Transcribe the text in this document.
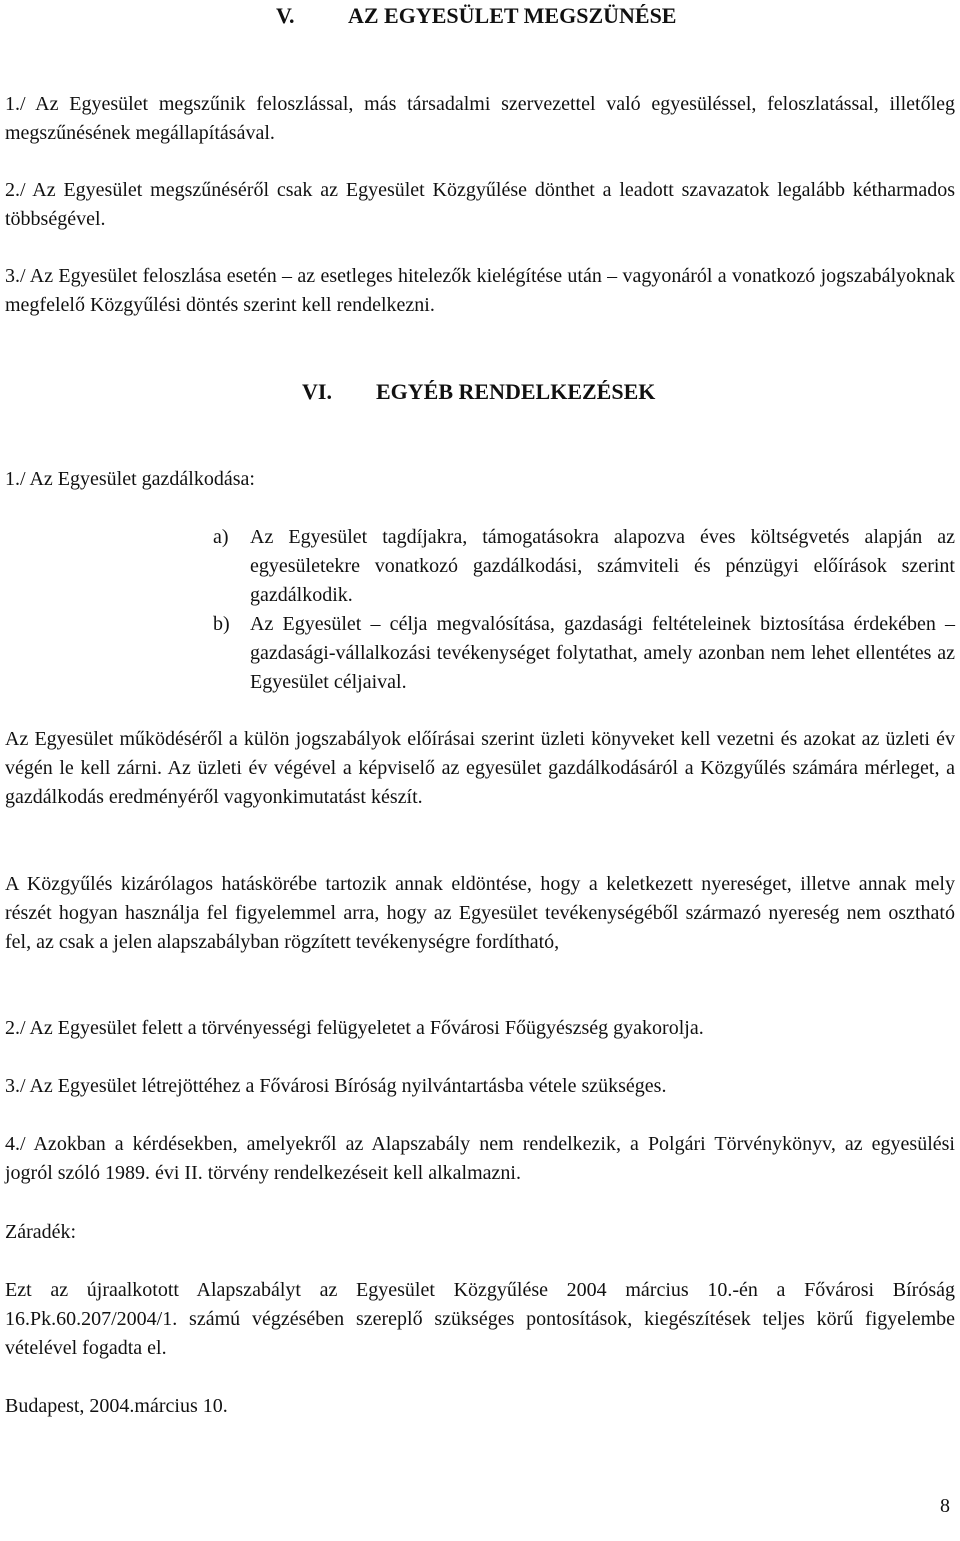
V. AZ EGYESÜLET MEGSZÜNÉSE
1./ Az Egyesület megszűnik feloszlással, más társadalmi szervezettel való egyesüléssel, feloszlatással, illetőleg megszűnésének megállapításával.
2./ Az Egyesület megszűnéséről csak az Egyesület Közgyűlése dönthet a leadott szavazatok legalább kétharmados többségével.
3./ Az Egyesület feloszlása esetén – az esetleges hitelezők kielégítése után – vagyonáról a vonatkozó jogszabályoknak megfelelő Közgyűlési döntés szerint kell rendelkezni.
VI. EGYÉB RENDELKEZÉSEK
1./ Az Egyesület gazdálkodása:
a) Az Egyesület tagdíjakra, támogatásokra alapozva éves költségvetés alapján az egyesületekre vonatkozó gazdálkodási, számviteli és pénzügyi előírások szerint gazdálkodik.
b) Az Egyesület – célja megvalósítása, gazdasági feltételeinek biztosítása érdekében – gazdasági-vállalkozási tevékenységet folytathat, amely azonban nem lehet ellentétes az Egyesület céljaival.
Az Egyesület működéséről a külön jogszabályok előírásai szerint üzleti könyveket kell vezetni és azokat az üzleti év végén le kell zárni. Az üzleti év végével a képviselő az egyesület gazdálkodásáról a Közgyűlés számára mérleget, a gazdálkodás eredményéről vagyonkimutatást készít.
A Közgyűlés kizárólagos hatáskörébe tartozik annak eldöntése, hogy a keletkezett nyereséget, illetve annak mely részét hogyan használja fel figyelemmel arra, hogy az Egyesület tevékenységéből származó nyereség nem osztható fel, az csak a jelen alapszabályban rögzített tevékenységre fordítható,
2./ Az Egyesület felett a törvényességi felügyeletet a Fővárosi Főügyészség gyakorolja.
3./ Az Egyesület létrejöttéhez a Fővárosi Bíróság nyilvántartásba vétele szükséges.
4./ Azokban a kérdésekben, amelyekről az Alapszabály nem rendelkezik, a Polgári Törvénykönyv, az egyesülési jogról szóló 1989. évi II. törvény rendelkezéseit kell alkalmazni.
Záradék:
Ezt az újraalkotott Alapszabályt az Egyesület Közgyűlése 2004 március 10.-én a Fővárosi Bíróság 16.Pk.60.207/2004/1. számú végzésében szereplő szükséges pontosítások, kiegészítések teljes körű figyelembe vételével fogadta el.
Budapest, 2004.március 10.
8
